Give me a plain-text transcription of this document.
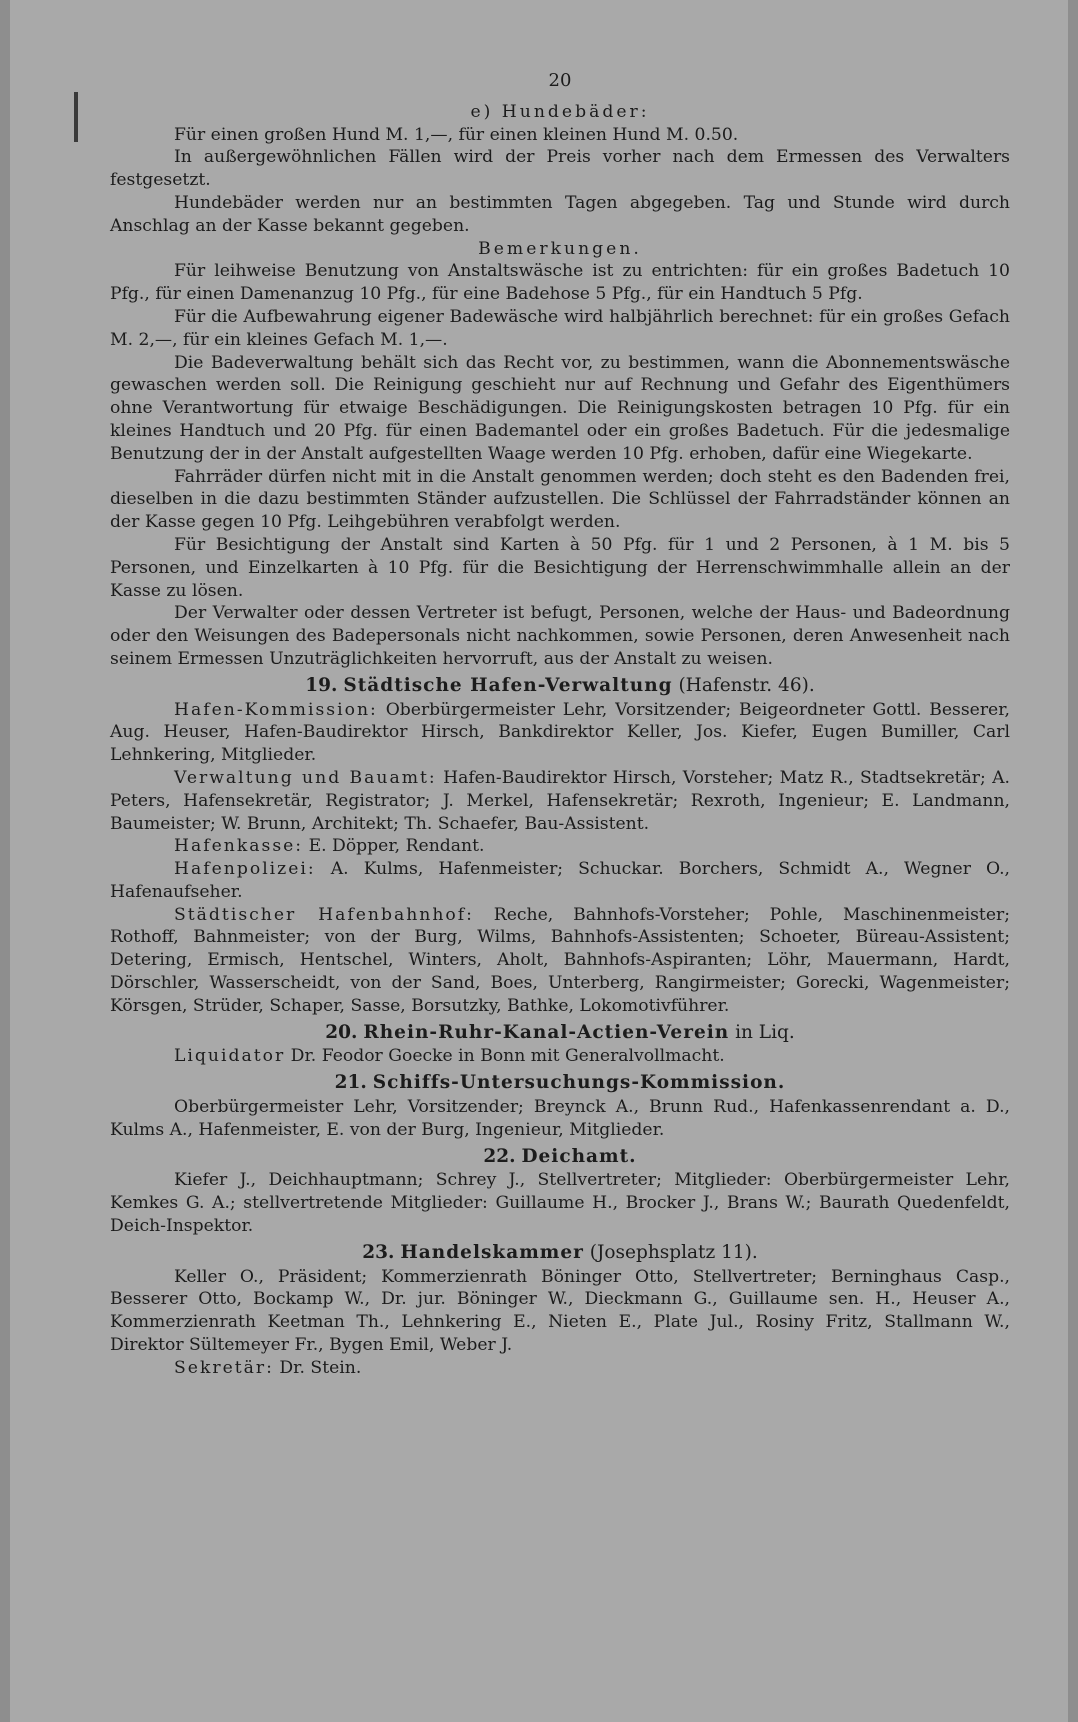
20

e) Hundebäder:

Für einen großen Hund M. 1,—, für einen kleinen Hund M. 0.50.

In außergewöhnlichen Fällen wird der Preis vorher nach dem Ermessen des Verwalters festgesetzt.

Hundebäder werden nur an bestimmten Tagen abgegeben. Tag und Stunde wird durch Anschlag an der Kasse bekannt gegeben.

Bemerkungen.

Für leihweise Benutzung von Anstaltswäsche ist zu entrichten: für ein großes Badetuch 10 Pfg., für einen Damenanzug 10 Pfg., für eine Badehose 5 Pfg., für ein Handtuch 5 Pfg.

Für die Aufbewahrung eigener Badewäsche wird halbjährlich berechnet: für ein großes Gefach M. 2,—, für ein kleines Gefach M. 1,—.

Die Badeverwaltung behält sich das Recht vor, zu bestimmen, wann die Abonnementswäsche gewaschen werden soll. Die Reinigung geschieht nur auf Rechnung und Gefahr des Eigenthümers ohne Verantwortung für etwaige Beschädigungen. Die Reinigungskosten betragen 10 Pfg. für ein kleines Handtuch und 20 Pfg. für einen Bademantel oder ein großes Badetuch. Für die jedesmalige Benutzung der in der Anstalt aufgestellten Waage werden 10 Pfg. erhoben, dafür eine Wiegekarte.

Fahrräder dürfen nicht mit in die Anstalt genommen werden; doch steht es den Badenden frei, dieselben in die dazu bestimmten Ständer aufzustellen. Die Schlüssel der Fahrradständer können an der Kasse gegen 10 Pfg. Leihgebühren verabfolgt werden.

Für Besichtigung der Anstalt sind Karten à 50 Pfg. für 1 und 2 Personen, à 1 M. bis 5 Personen, und Einzelkarten à 10 Pfg. für die Besichtigung der Herrenschwimmhalle allein an der Kasse zu lösen.

Der Verwalter oder dessen Vertreter ist befugt, Personen, welche der Haus- und Badeordnung oder den Weisungen des Badepersonals nicht nachkommen, sowie Personen, deren Anwesenheit nach seinem Ermessen Unzuträglichkeiten hervorruft, aus der Anstalt zu weisen.

19. Städtische Hafen-Verwaltung (Hafenstr. 46).

Hafen-Kommission: Oberbürgermeister Lehr, Vorsitzender; Beigeordneter Gottl. Besserer, Aug. Heuser, Hafen-Baudirektor Hirsch, Bankdirektor Keller, Jos. Kiefer, Eugen Bumiller, Carl Lehnkering, Mitglieder.

Verwaltung und Bauamt: Hafen-Baudirektor Hirsch, Vorsteher; Matz R., Stadtsekretär; A. Peters, Hafensekretär, Registrator; J. Merkel, Hafensekretär; Rexroth, Ingenieur; E. Landmann, Baumeister; W. Brunn, Architekt; Th. Schaefer, Bau-Assistent.

Hafenkasse: E. Döpper, Rendant.

Hafenpolizei: A. Kulms, Hafenmeister; Schuckar. Borchers, Schmidt A., Wegner O., Hafenaufseher.

Städtischer Hafenbahnhof: Reche, Bahnhofs-Vorsteher; Pohle, Maschinenmeister; Rothoff, Bahnmeister; von der Burg, Wilms, Bahnhofs-Assistenten; Schoeter, Büreau-Assistent; Detering, Ermisch, Hentschel, Winters, Aholt, Bahnhofs-Aspiranten; Löhr, Mauermann, Hardt, Dörschler, Wasserscheidt, von der Sand, Boes, Unterberg, Rangirmeister; Gorecki, Wagenmeister; Körsgen, Strüder, Schaper, Sasse, Borsutzky, Bathke, Lokomotivführer.

20. Rhein-Ruhr-Kanal-Actien-Verein in Liq.

Liquidator Dr. Feodor Goecke in Bonn mit Generalvollmacht.

21. Schiffs-Untersuchungs-Kommission.

Oberbürgermeister Lehr, Vorsitzender; Breynck A., Brunn Rud., Hafenkassenrendant a. D., Kulms A., Hafenmeister, E. von der Burg, Ingenieur, Mitglieder.

22. Deichamt.

Kiefer J., Deichhauptmann; Schrey J., Stellvertreter; Mitglieder: Oberbürgermeister Lehr, Kemkes G. A.; stellvertretende Mitglieder: Guillaume H., Brocker J., Brans W.; Baurath Quedenfeldt, Deich-Inspektor.

23. Handelskammer (Josephsplatz 11).

Keller O., Präsident; Kommerzienrath Böninger Otto, Stellvertreter; Berninghaus Casp., Besserer Otto, Bockamp W., Dr. jur. Böninger W., Dieckmann G., Guillaume sen. H., Heuser A., Kommerzienrath Keetman Th., Lehnkering E., Nieten E., Plate Jul., Rosiny Fritz, Stallmann W., Direktor Sültemeyer Fr., Bygen Emil, Weber J.

Sekretär: Dr. Stein.
